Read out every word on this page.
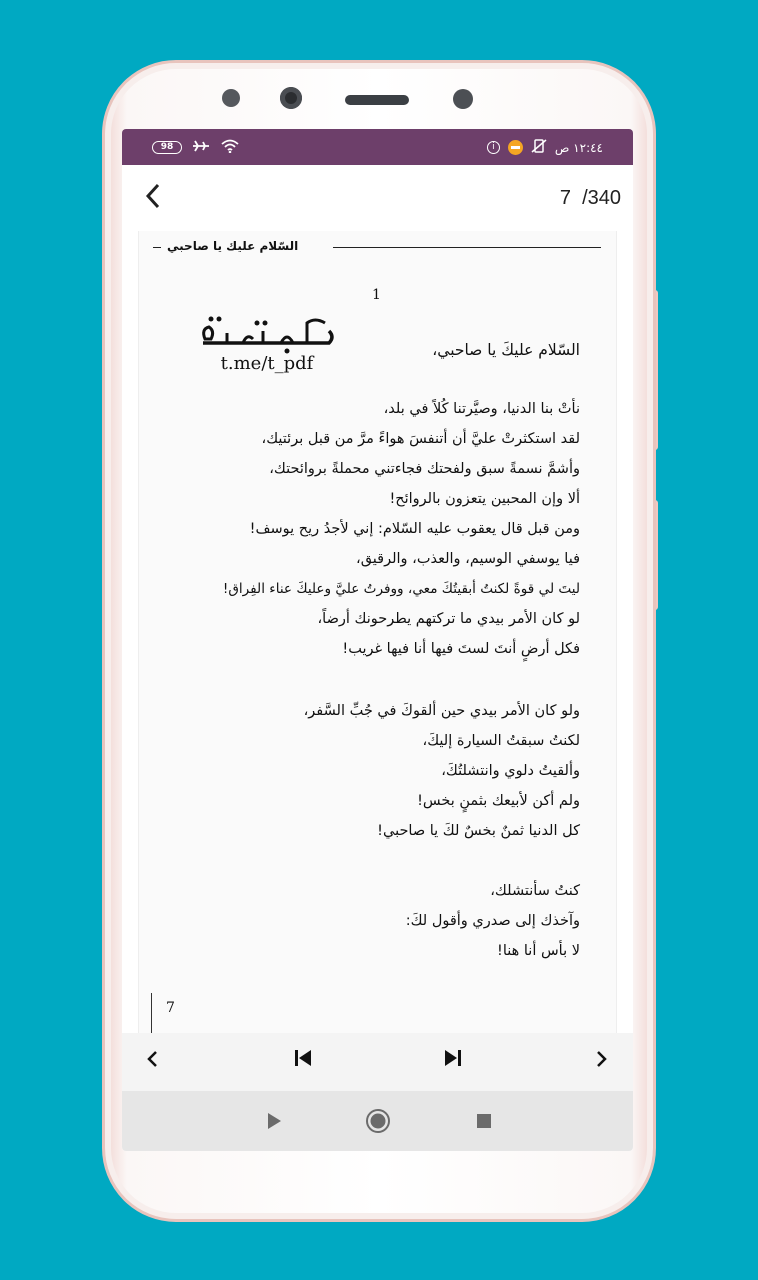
98	i	١٢:٤٤ ص
7  /340
السّلام عليك يا صاحبي
1
t.me/t_pdf
السّلام عليكَ يا صاحبي،
نأتْ بنا الدنيا، وصيَّرتنا كُلاً في بلد،
لقد استكثرتْ عليَّ أن أتنفسَ هواءً مرَّ من قبل برئتيك،
وأشمَّ نسمةً سبق ولفحتك فجاءتني محملةً بروائحتك،
ألا وإن المحبين يتعزون بالروائح!
ومن قبل قال يعقوب عليه السّلام: إني لأجدُ ريح يوسف!
فيا يوسفي الوسيم، والعذب، والرقيق،
ليتَ لي قوةً لكنتُ أبقيتُكَ معي، ووفرتُ عليَّ وعليكَ عناء الفِراق!
لو كان الأمر بيدي ما تركتهم يطرحونك أرضاً،
فكل أرضٍ أنتَ لستَ فيها أنا فيها غريب!
ولو كان الأمر بيدي حين ألقوكَ في جُبِّ السَّفر،
لكنتُ سبقتُ السيارة إليكَ،
وألقيتُ دلوي وانتشلتُكَ،
ولم أكن لأبيعك بثمنٍ بخس!
كل الدنيا ثمنٌ بخسٌ لكَ يا صاحبي!
كنتُ سأنتشلك،
وآخذك إلى صدري وأقول لكَ:
لا بأس أنا هنا!
7
